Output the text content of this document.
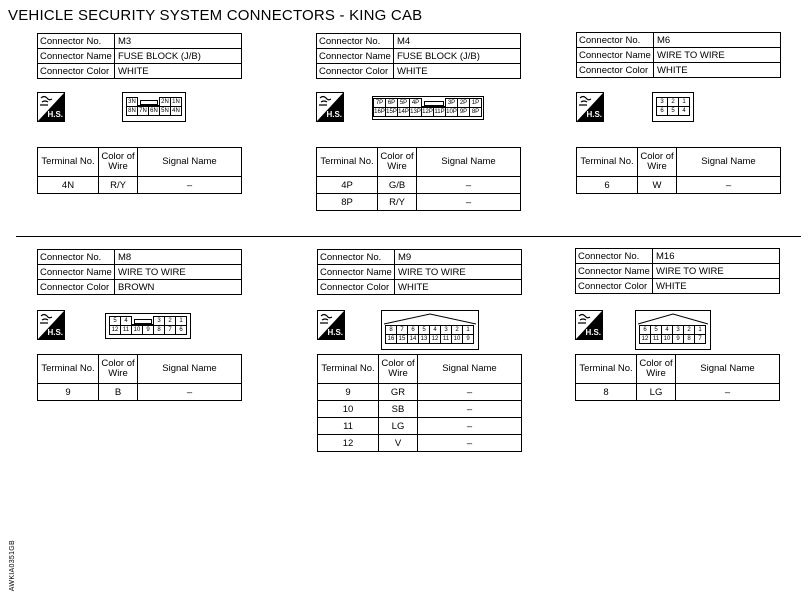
VEHICLE SECURITY SYSTEM CONNECTORS - KING CAB
AWKIA0351GB
Connector No.	M3
Connector Name	FUSE BLOCK (J/B)
Connector Color	WHITE
H.S.
3N	2N 1N
8N 7N 6N 5N 4N
Terminal No.	Color of Wire	Signal Name
4N	R/Y	–
Connector No.	M4
Connector Name	FUSE BLOCK (J/B)
Connector Color	WHITE
H.S.
7P 6P 5P 4P	3P 2P 1P
16P 15P 14P 13P 12P 11P 10P 9P 8P
Terminal No.	Color of Wire	Signal Name
4P	G/B	–
8P	R/Y	–
Connector No.	M6
Connector Name	WIRE TO WIRE
Connector Color	WHITE
H.S.
3	2	1
6	5	4
Terminal No.	Color of Wire	Signal Name
6	W	–
Connector No.	M8
Connector Name	WIRE TO WIRE
Connector Color	BROWN
H.S.
5	4	3	2	1
12 11 10 9	8	7	6
Terminal No.	Color of Wire	Signal Name
9	B	–
Connector No.	M9
Connector Name	WIRE TO WIRE
Connector Color	WHITE
H.S.	8	7	6	5	4	3	2	1
16 15 14 13 12 11 10 9
Terminal No.	Color of Wire	Signal Name
9	GR	–
10	SB	–
11	LG	–
12	V	–
Connector No.	M16
Connector Name	WIRE TO WIRE
Connector Color	WHITE
H.S.	6	5	4	3	2	1
12 11 10 9	8	7
Terminal No.	Color of Wire	Signal Name
8	LG	–
